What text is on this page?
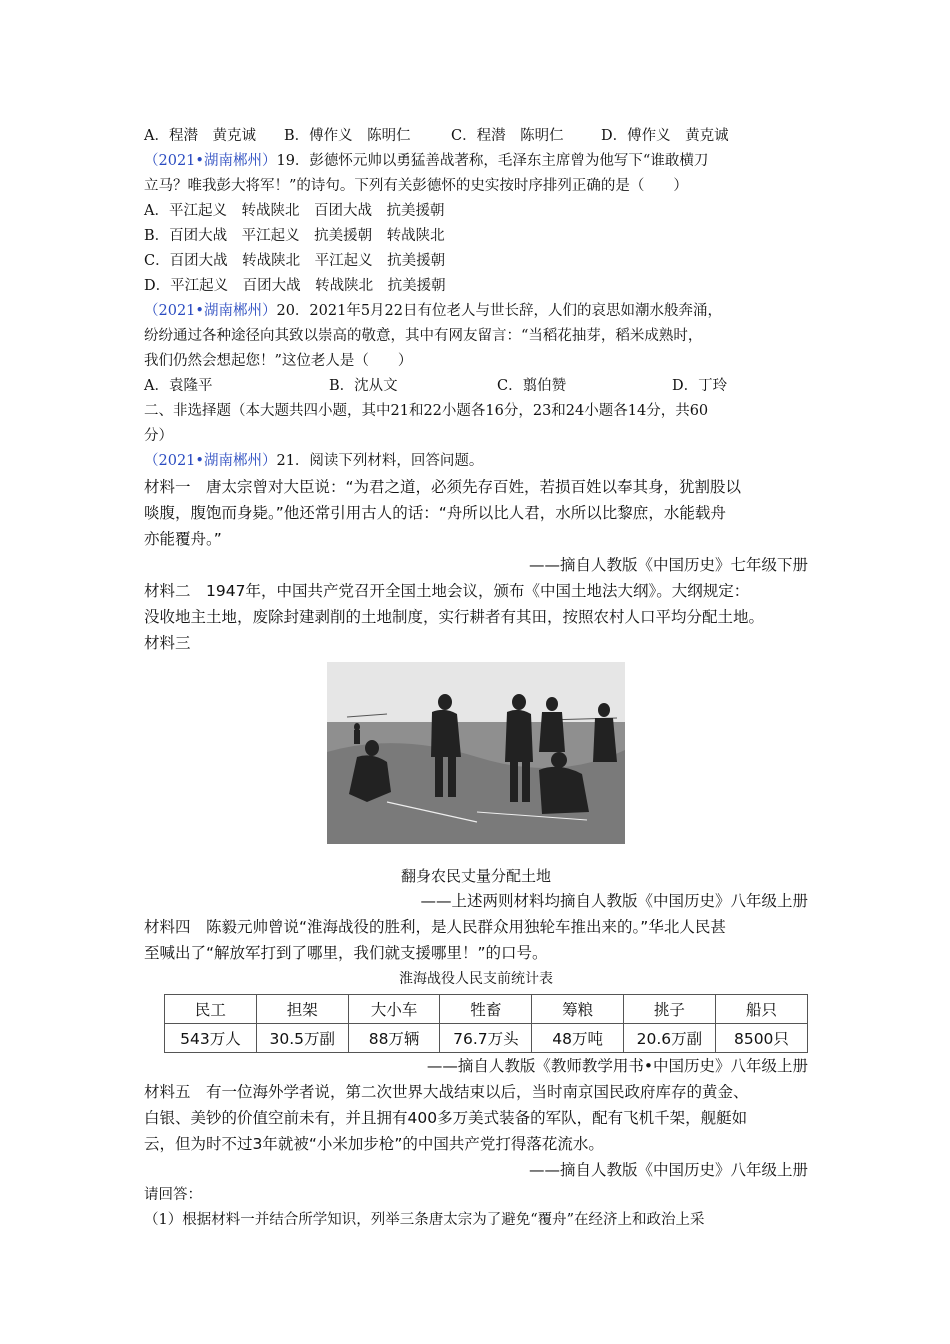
A．程潜　黄克诚 B．傅作义　陈明仁	C．程潜　陈明仁	D．傅作义　黄克诚
（2021•湖南郴州）19．彭德怀元帅以勇猛善战著称，毛泽东主席曾为他写下“谁敢横刀
立马？唯我彭大将军！”的诗句。下列有关彭德怀的史实按时序排列正确的是（　　）
A．平江起义　转战陕北　百团大战　抗美援朝
B．百团大战　平江起义　抗美援朝　转战陕北
C．百团大战　转战陕北　平江起义　抗美援朝
D．平江起义　百团大战　转战陕北　抗美援朝
（2021•湖南郴州）20．2021年5月22日有位老人与世长辞，人们的哀思如潮水般奔涌，
纷纷通过各种途径向其致以崇高的敬意，其中有网友留言：“当稻花抽芽，稻米成熟时，
我们仍然会想起您！”这位老人是（　　）
A．袁隆平	B．沈从文	C．翦伯赞	D．丁玲
二、非选择题（本大题共四小题，其中21和22小题各16分，23和24小题各14分，共60
分）
（2021•湖南郴州）21．阅读下列材料，回答问题。
材料一　唐太宗曾对大臣说：“为君之道，必须先存百姓，若损百姓以奉其身，犹割股以
啖腹，腹饱而身毙。”他还常引用古人的话：“舟所以比人君，水所以比黎庶，水能载舟
亦能覆舟。”
——摘自人教版《中国历史》七年级下册
材料二　1947年，中国共产党召开全国土地会议，颁布《中国土地法大纲》。大纲规定：
没收地主土地，废除封建剥削的土地制度，实行耕者有其田，按照农村人口平均分配土地。
材料三
翻身农民丈量分配土地
——上述两则材料均摘自人教版《中国历史》八年级上册
材料四　陈毅元帅曾说“淮海战役的胜利，是人民群众用独轮车推出来的。”华北人民甚
至喊出了“解放军打到了哪里，我们就支援哪里！”的口号。
淮海战役人民支前统计表
民工	担架	大小车	牲畜	筹粮	挑子	船只
543万人	30.5万副	88万辆	76.7万头	48万吨	20.6万副	8500只
——摘自人教版《教师教学用书•中国历史》八年级上册
材料五　有一位海外学者说，第二次世界大战结束以后，当时南京国民政府库存的黄金、
白银、美钞的价值空前未有，并且拥有400多万美式装备的军队，配有飞机千架，舰艇如
云，但为时不过3年就被“小米加步枪”的中国共产党打得落花流水。
——摘自人教版《中国历史》八年级上册
请回答：
（1）根据材料一并结合所学知识，列举三条唐太宗为了避免“覆舟”在经济上和政治上采
